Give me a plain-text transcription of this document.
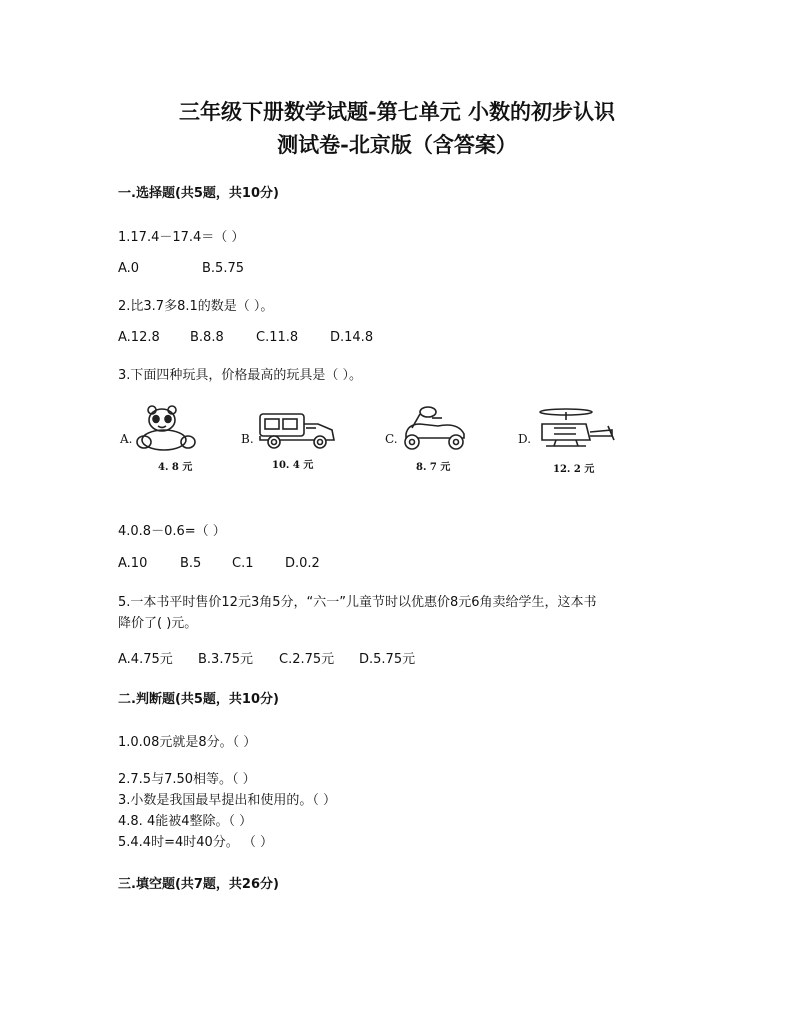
三年级下册数学试题-第七单元 小数的初步认识
测试卷-北京版（含答案）

一.选择题(共5题，共10分)

1.17.4－17.4＝（ ）

A.0	B.5.75

2.比3.7多8.1的数是（ ）。

A.12.8 B.8.8 C.11.8 D.14.8

3.下面四种玩具，价格最高的玩具是（ ）。

A.
4. 8 元
B.
10. 4 元
C.
8. 7 元
D.
12. 2 元

4.0.8－0.6=（ ）

A.10	B.5 C.1 D.0.2

5.一本书平时售价12元3角5分，“六一”儿童节时以优惠价8元6角卖给学生，这本书

降价了( )元。

A.4.75元 B.3.75元 C.2.75元 D.5.75元

二.判断题(共5题，共10分)

1.0.08元就是8分。（ ）

2.7.5与7.50相等。（ ）

3.小数是我国最早提出和使用的。（ ）

4.8. 4能被4整除。（ ）

5.4.4时=4时40分。 （ ）

三.填空题(共7题，共26分)
